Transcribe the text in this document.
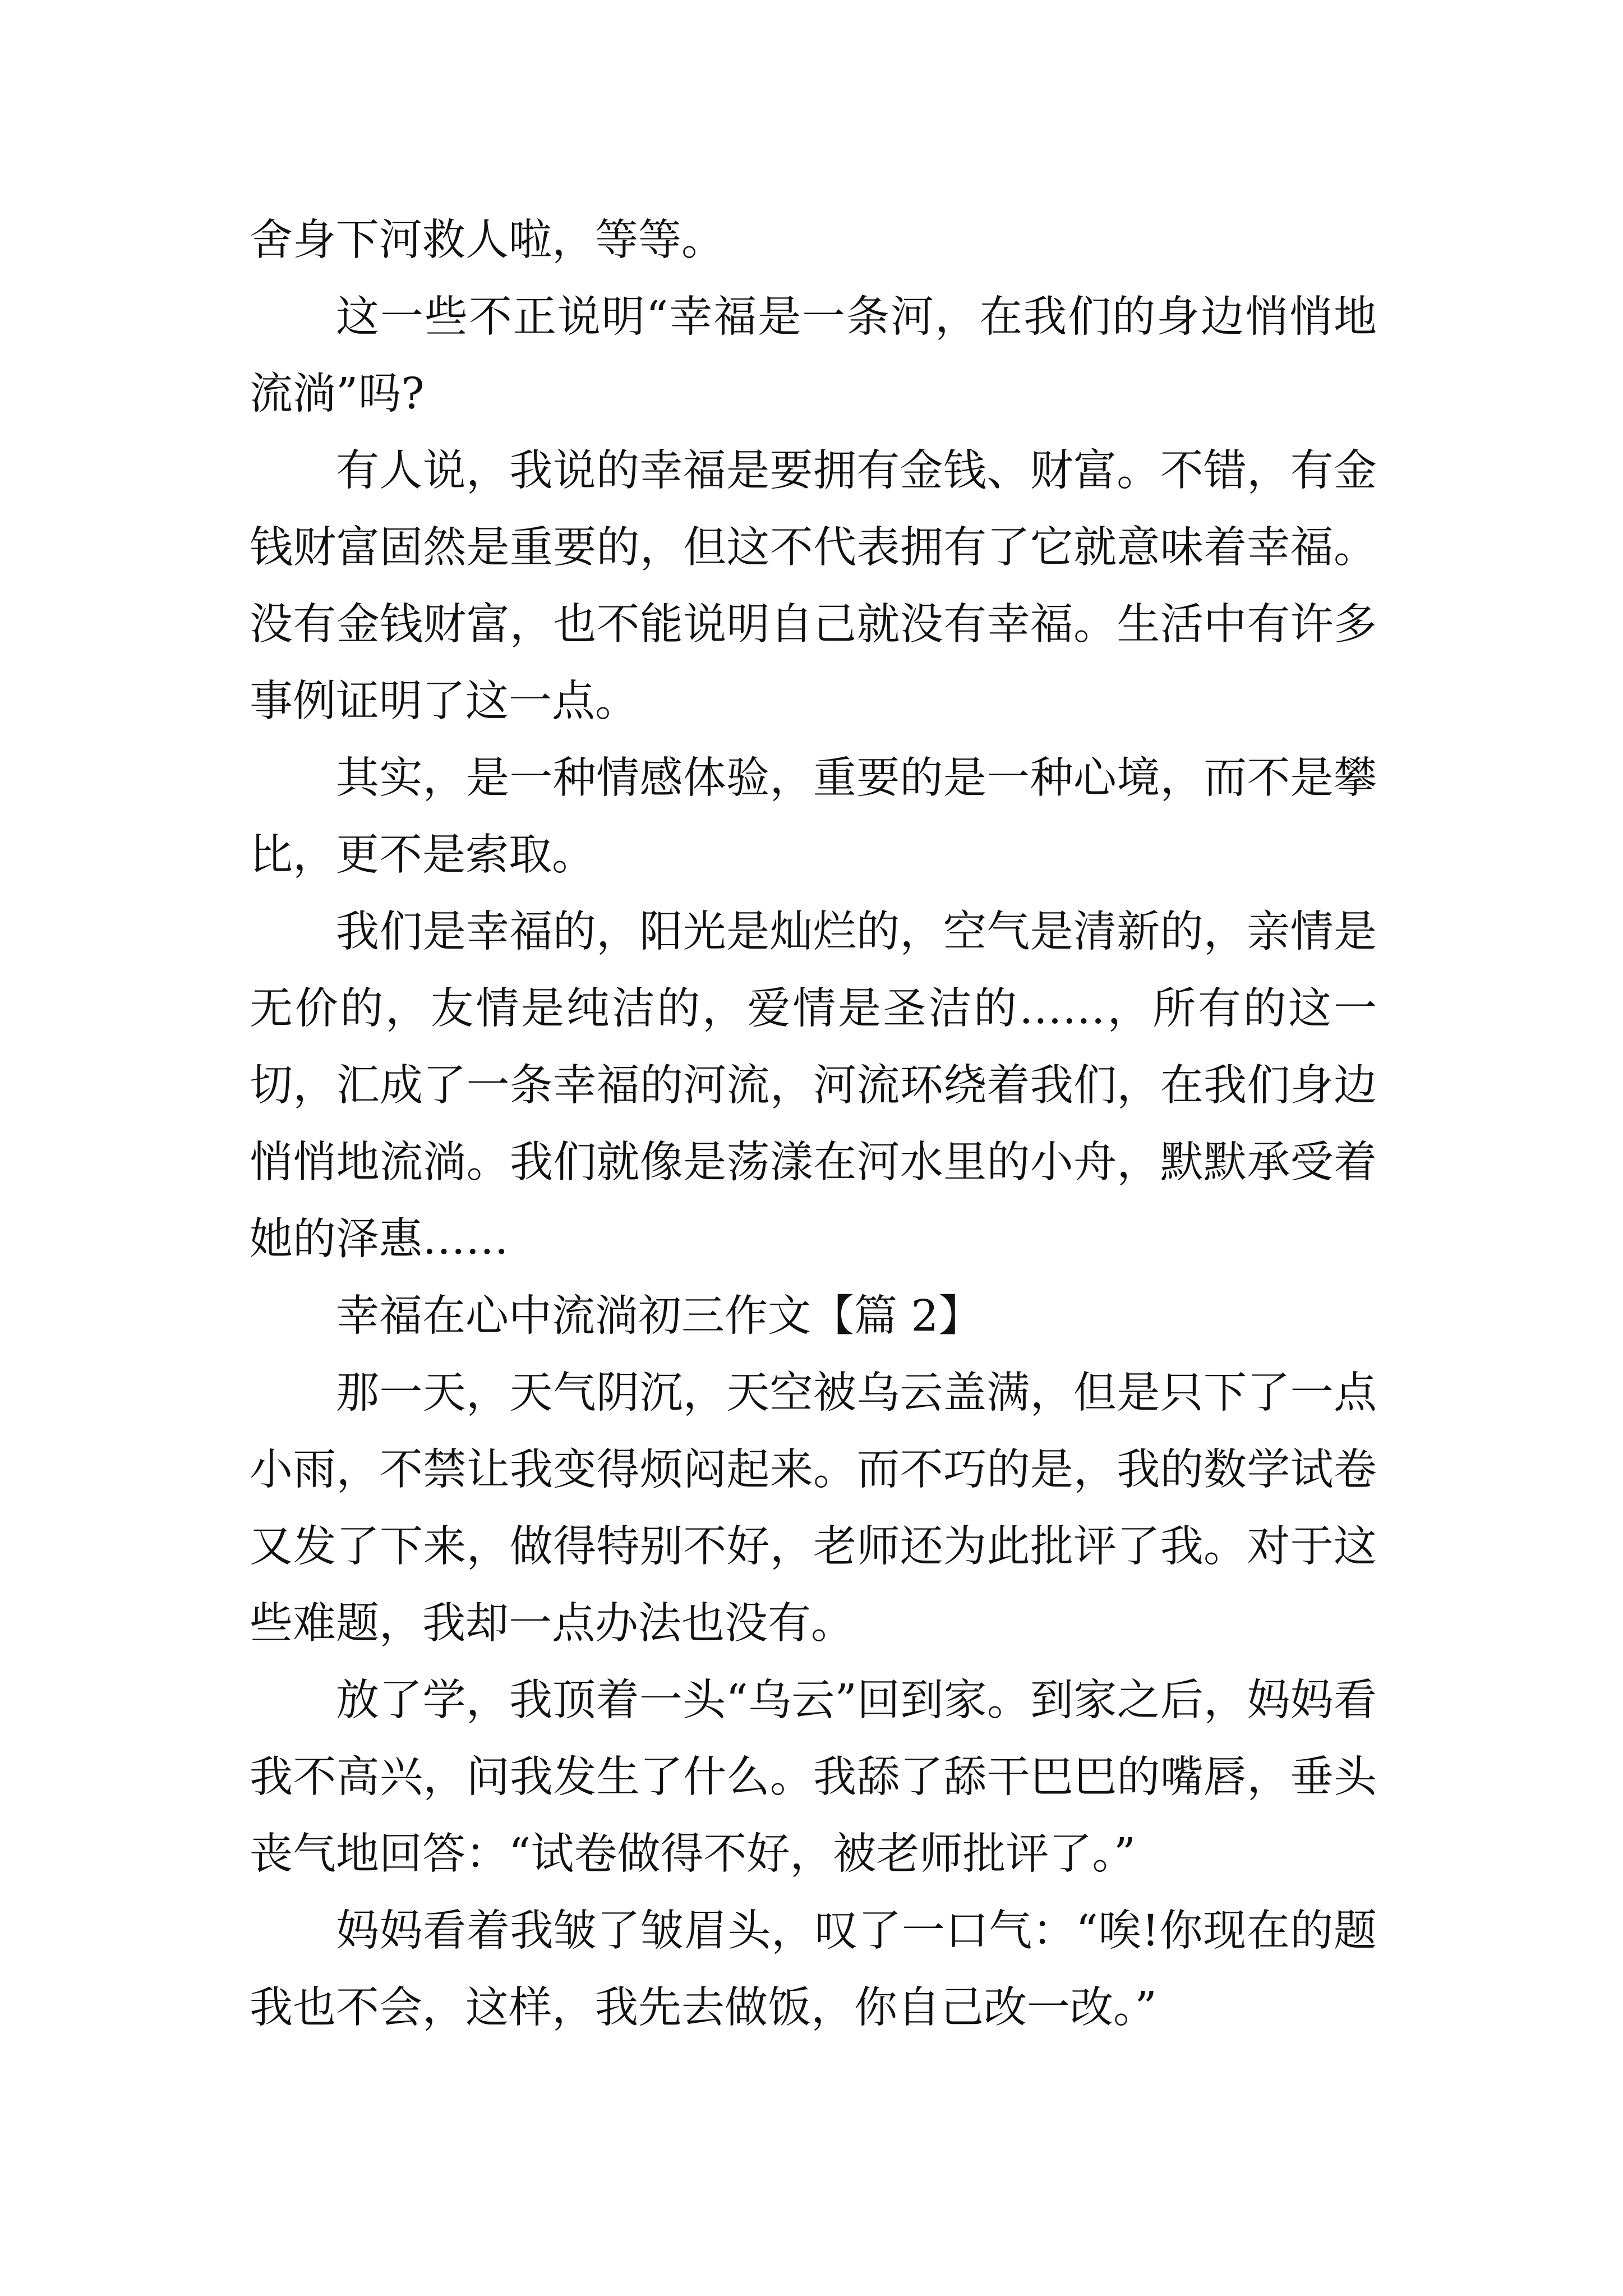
舍身下河救人啦，等等。

这一些不正说明“幸福是一条河，在我们的身边悄悄地流淌”吗?

有人说，我说的幸福是要拥有金钱、财富。不错，有金钱财富固然是重要的，但这不代表拥有了它就意味着幸福。没有金钱财富，也不能说明自己就没有幸福。生活中有许多事例证明了这一点。

其实，是一种情感体验，重要的是一种心境，而不是攀比，更不是索取。

我们是幸福的，阳光是灿烂的，空气是清新的，亲情是无价的，友情是纯洁的，爱情是圣洁的……，所有的这一切，汇成了一条幸福的河流，河流环绕着我们，在我们身边悄悄地流淌。我们就像是荡漾在河水里的小舟，默默承受着她的泽惠……

幸福在心中流淌初三作文【篇 2】

那一天，天气阴沉，天空被乌云盖满，但是只下了一点小雨，不禁让我变得烦闷起来。而不巧的是，我的数学试卷又发了下来，做得特别不好，老师还为此批评了我。对于这些难题，我却一点办法也没有。

放了学，我顶着一头“乌云”回到家。到家之后，妈妈看我不高兴，问我发生了什么。我舔了舔干巴巴的嘴唇，垂头丧气地回答：“试卷做得不好，被老师批评了。”

妈妈看着我皱了皱眉头，叹了一口气：“唉!你现在的题我也不会，这样，我先去做饭，你自己改一改。”
